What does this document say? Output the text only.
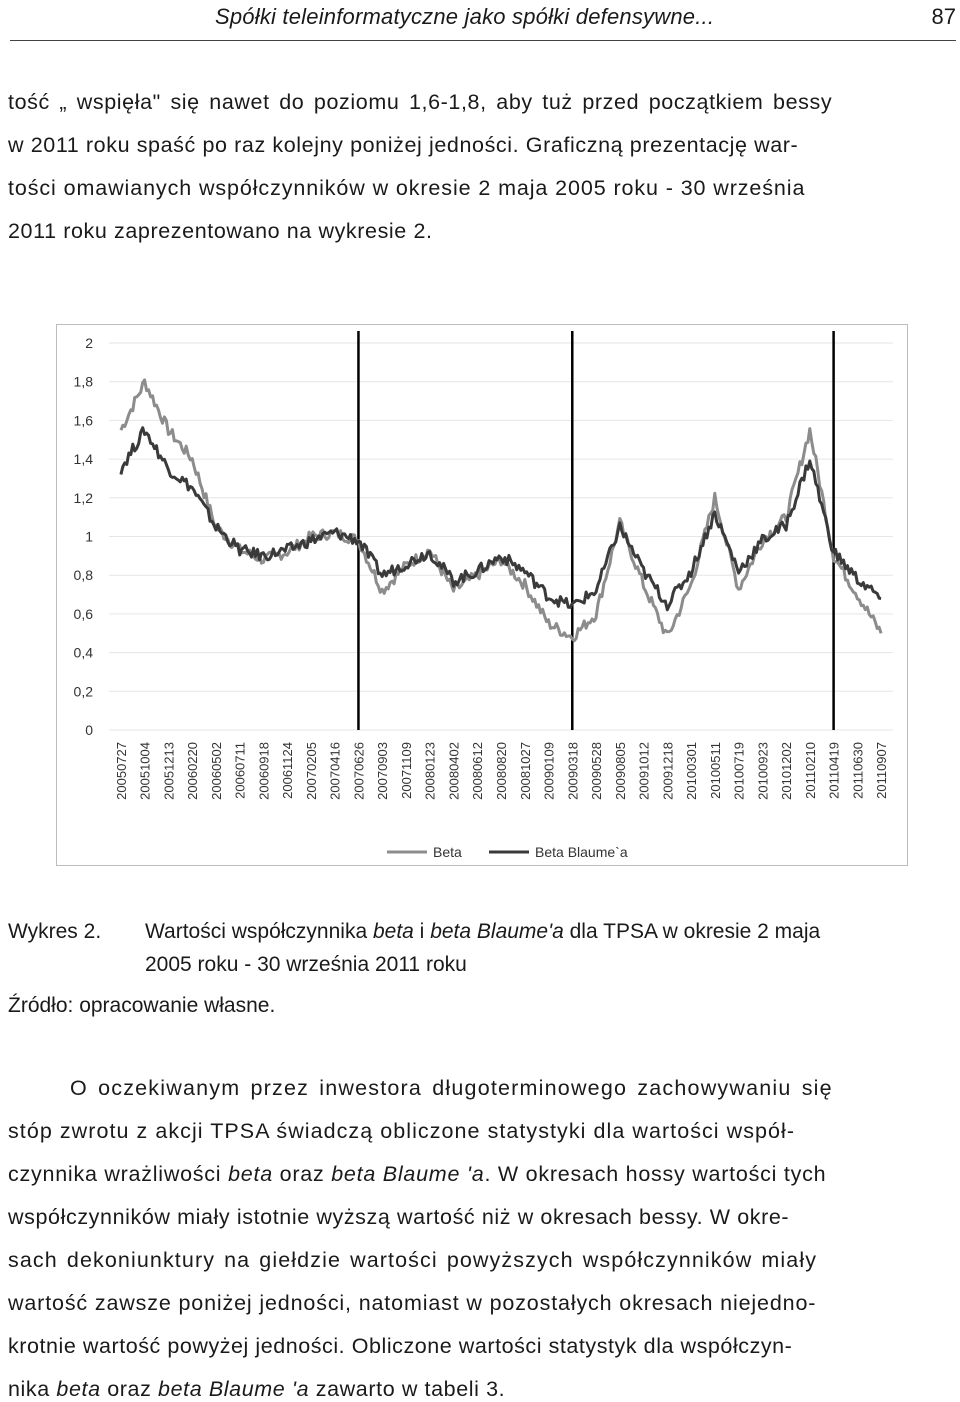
Spółki teleinformatyczne jako spółki defensywne...	87
tość „ wspięła" się nawet do poziomu 1,6-1,8, aby tuż przed początkiem bessy
w 2011 roku spaść po raz kolejny poniżej jedności. Graficzną prezentację war-
tości omawianych współczynników w okresie 2 maja 2005 roku - 30 września
2011 roku zaprezentowano na wykresie 2.
0
0,2
0,4
0,6
0,8
1
1,2
1,4
1,6
1,8
2
20050727 20051004 20051213 20060220 20060502 20060711 20060918 20061124 20070205 20070416 20070626 20070903 20071109 20080123 20080402 20080612 20080820 20081027 20090109 20090318 20090528 20090805 20091012 20091218 20100301 20100511 20100719 20100923 20101202 20110210 20110419 20110630 20110907
Beta	Beta Blaume`a
Wykres 2. Wartości współczynnika beta i beta Blaume'a dla TPSA w okresie 2 maja
2005 roku - 30 września 2011 roku
Źródło: opracowanie własne.
O oczekiwanym przez inwestora długoterminowego zachowywaniu się
stóp zwrotu z akcji TPSA świadczą obliczone statystyki dla wartości współ-
czynnika wrażliwości beta oraz beta Blaume 'a. W okresach hossy wartości tych
współczynników miały istotnie wyższą wartość niż w okresach bessy. W okre-
sach dekoniunktury na giełdzie wartości powyższych współczynników miały
wartość zawsze poniżej jedności, natomiast w pozostałych okresach niejedno-
krotnie wartość powyżej jedności. Obliczone wartości statystyk dla współczyn-
nika beta oraz beta Blaume 'a zawarto w tabeli 3.
